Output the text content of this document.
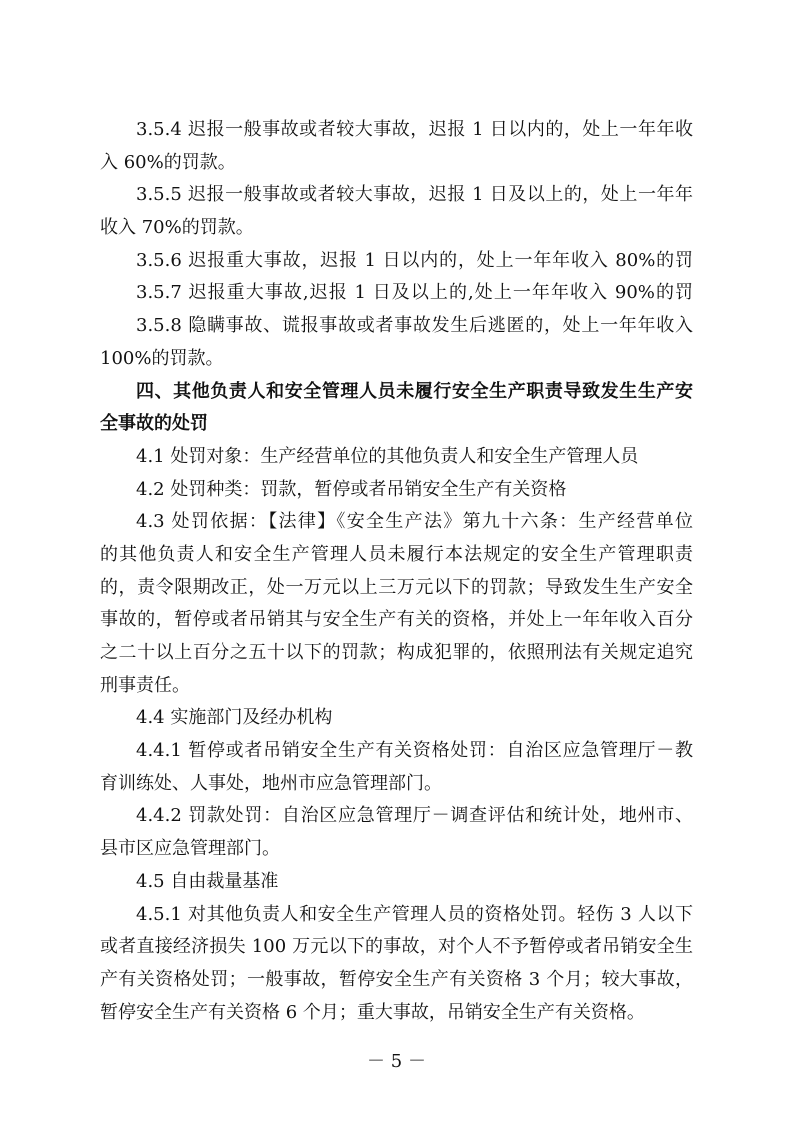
3.5.4 迟报一般事故或者较大事故，迟报 1 日以内的，处上一年年收
入 60%的罚款。
3.5.5 迟报一般事故或者较大事故，迟报 1 日及以上的，处上一年年
收入 70%的罚款。
3.5.6 迟报重大事故，迟报 1 日以内的，处上一年年收入 80%的罚
3.5.7 迟报重大事故,迟报 1 日及以上的,处上一年年收入 90%的罚
3.5.8 隐瞒事故、谎报事故或者事故发生后逃匿的，处上一年年收入
100%的罚款。
四、其他负责人和安全管理人员未履行安全生产职责导致发生生产安
全事故的处罚
4.1 处罚对象：生产经营单位的其他负责人和安全生产管理人员
4.2 处罚种类：罚款，暂停或者吊销安全生产有关资格
4.3 处罚依据：【法律】《安全生产法》第九十六条：生产经营单位
的其他负责人和安全生产管理人员未履行本法规定的安全生产管理职责
的，责令限期改正，处一万元以上三万元以下的罚款；导致发生生产安全
事故的，暂停或者吊销其与安全生产有关的资格，并处上一年年收入百分
之二十以上百分之五十以下的罚款；构成犯罪的，依照刑法有关规定追究
刑事责任。
4.4 实施部门及经办机构
4.4.1 暂停或者吊销安全生产有关资格处罚：自治区应急管理厅－教
育训练处、人事处，地州市应急管理部门。
4.4.2 罚款处罚：自治区应急管理厅－调查评估和统计处，地州市、
县市区应急管理部门。
4.5 自由裁量基准
4.5.1 对其他负责人和安全生产管理人员的资格处罚。轻伤 3 人以下
或者直接经济损失 100 万元以下的事故，对个人不予暂停或者吊销安全生
产有关资格处罚；一般事故，暂停安全生产有关资格 3 个月；较大事故，
暂停安全生产有关资格 6 个月；重大事故，吊销安全生产有关资格。
－ 5 －
